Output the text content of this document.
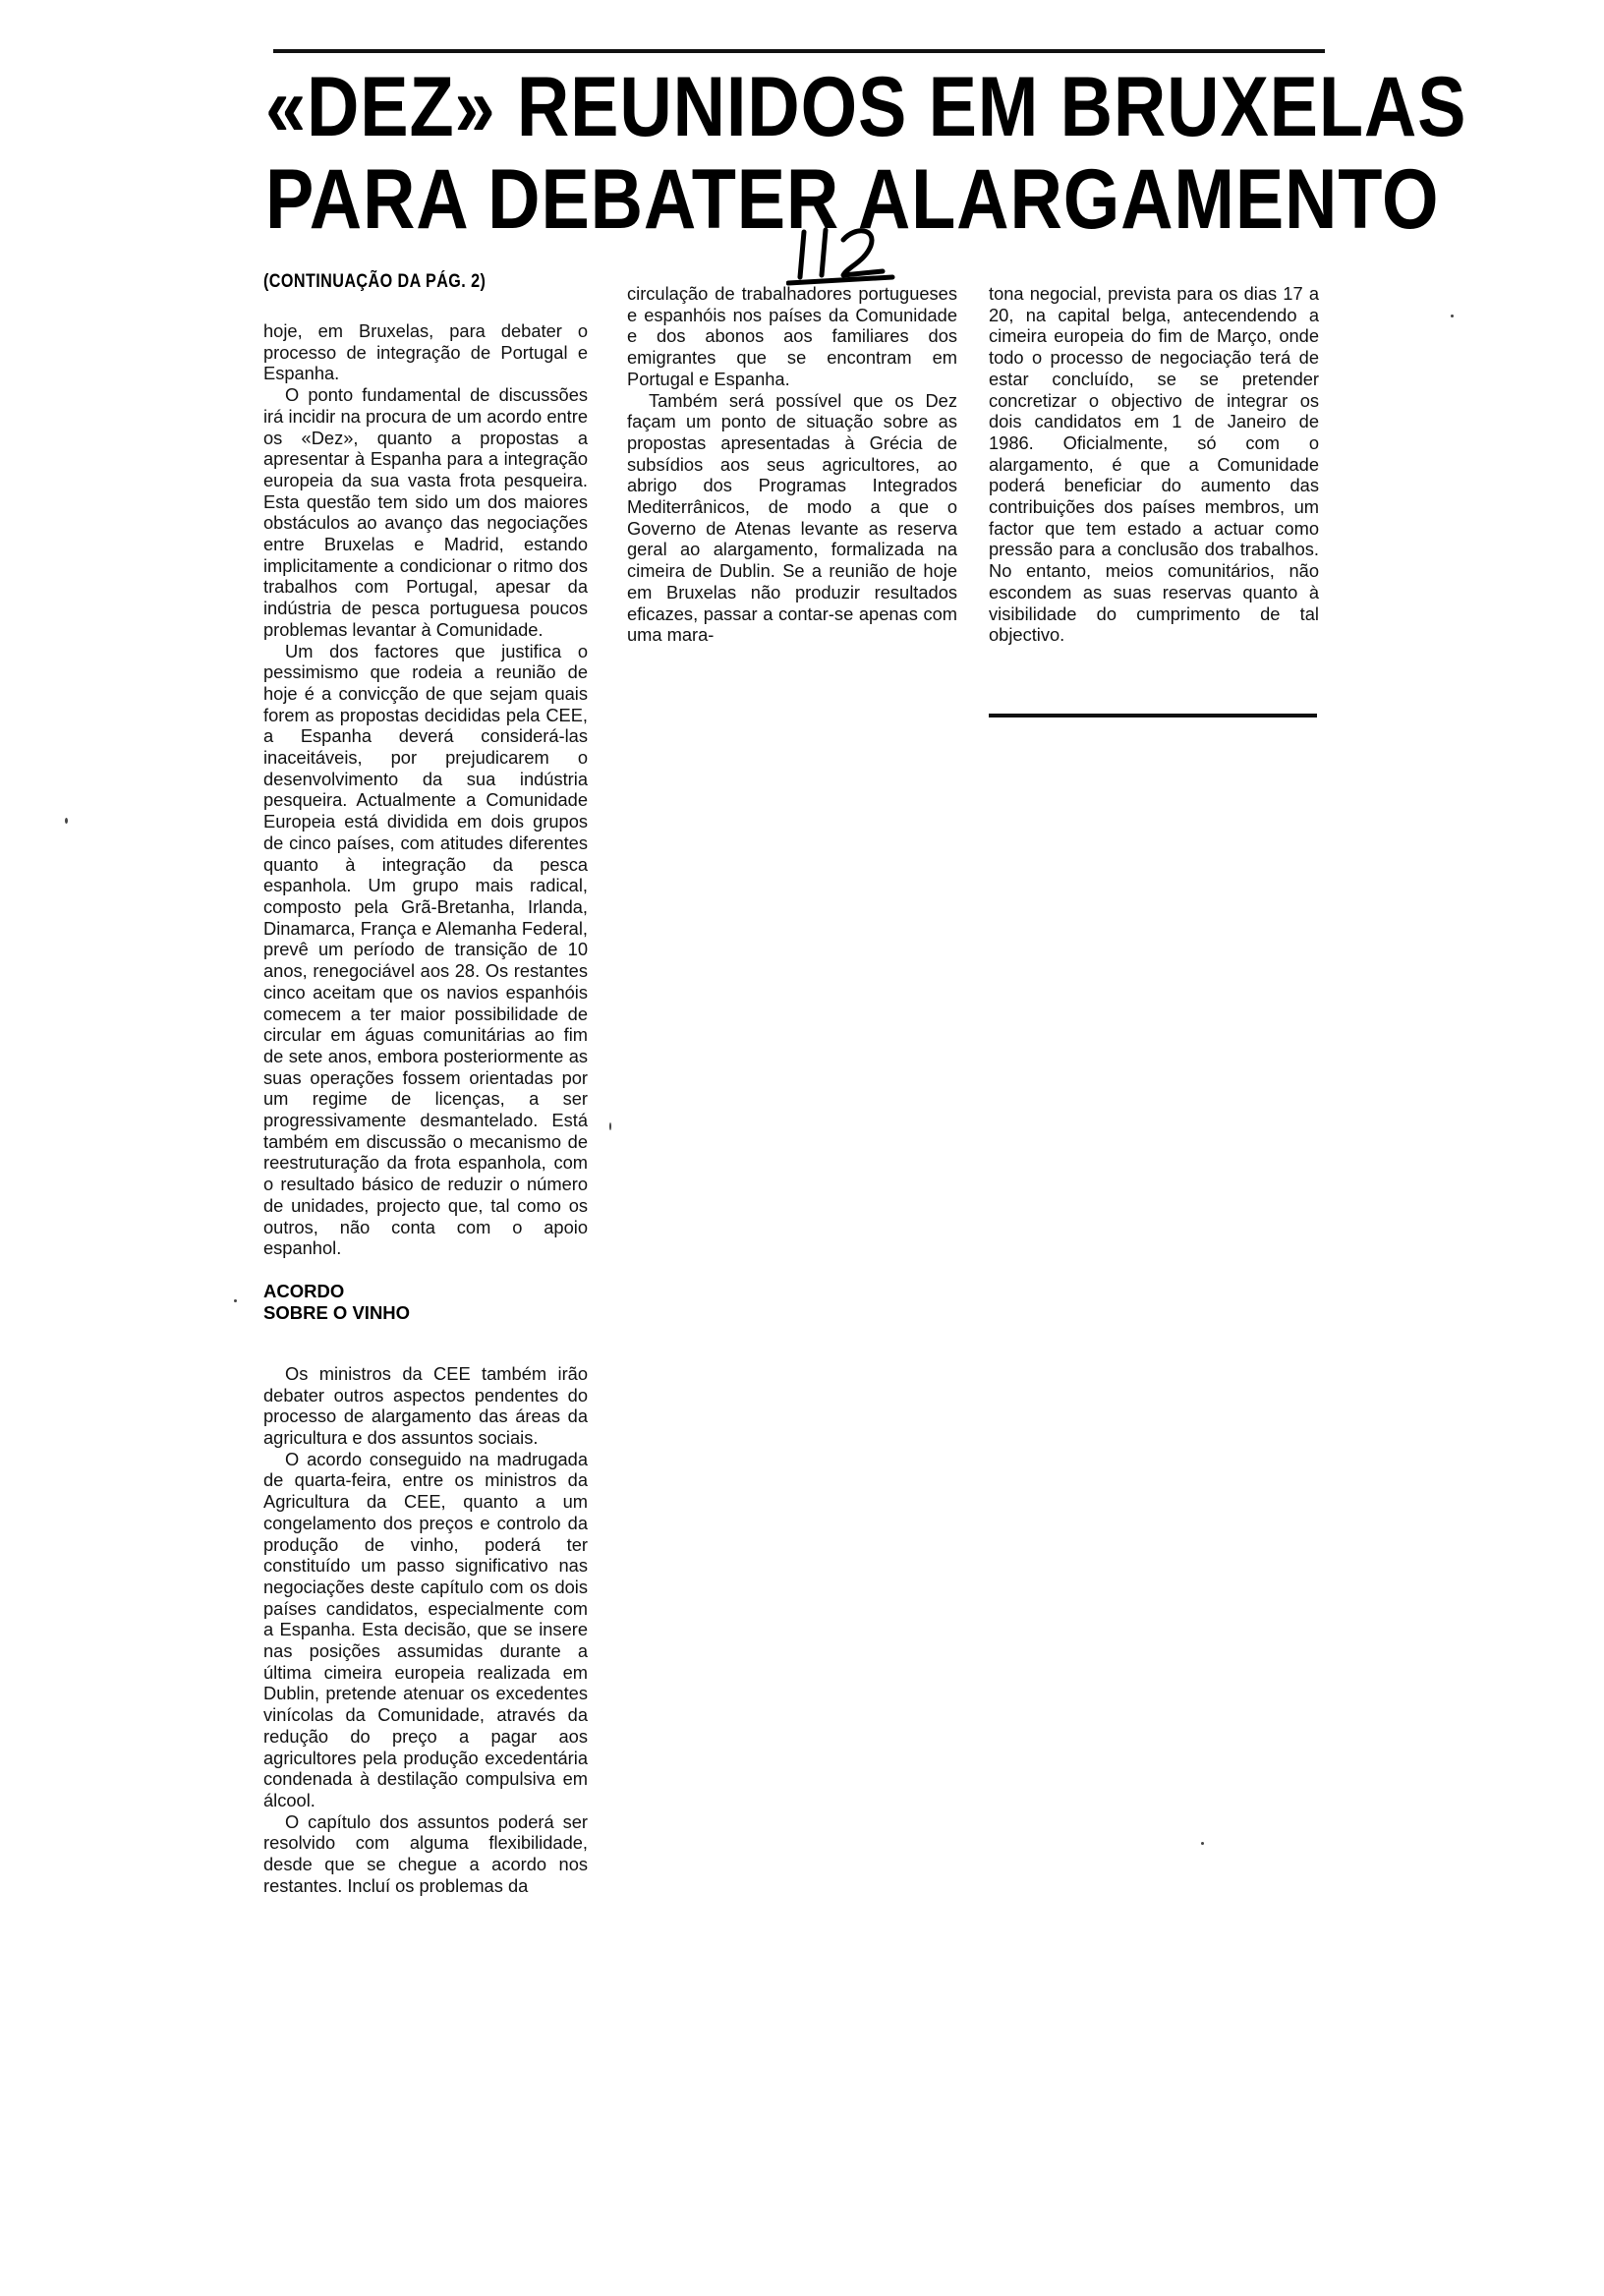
«DEZ» REUNIDOS EM BRUXELAS
PARA DEBATER ALARGAMENTO
(CONTINUAÇÃO DA PÁG. 2)

hoje, em Bruxelas, para debater o processo de integração de Portugal e Espanha.

O ponto fundamental de discussões irá incidir na procura de um acordo entre os «Dez», quanto a propostas a apresentar à Espanha para a integração europeia da sua vasta frota pesqueira. Esta questão tem sido um dos maiores obstáculos ao avanço das negociações entre Bruxelas e Madrid, estando implicitamente a condicionar o ritmo dos trabalhos com Portugal, apesar da indústria de pesca portuguesa poucos problemas levantar à Comunidade.

Um dos factores que justifica o pessimismo que rodeia a reunião de hoje é a convicção de que sejam quais forem as propostas decididas pela CEE, a Espanha deverá considerá-las inaceitáveis, por prejudicarem o desenvolvimento da sua indústria pesqueira. Actualmente a Comunidade Europeia está dividida em dois grupos de cinco países, com atitudes diferentes quanto à integração da pesca espanhola. Um grupo mais radical, composto pela Grã-Bretanha, Irlanda, Dinamarca, França e Alemanha Federal, prevê um período de transição de 10 anos, renegociável aos 28. Os restantes cinco aceitam que os navios espanhóis comecem a ter maior possibilidade de circular em águas comunitárias ao fim de sete anos, embora posteriormente as suas operações fossem orientadas por um regime de licenças, a ser progressivamente desmantelado. Está também em discussão o mecanismo de reestruturação da frota espanhola, com o resultado básico de reduzir o número de unidades, projecto que, tal como os outros, não conta com o apoio espanhol.

ACORDO
SOBRE O VINHO

Os ministros da CEE também irão debater outros aspectos pendentes do processo de alargamento das áreas da agricultura e dos assuntos sociais.

O acordo conseguido na madrugada de quarta-feira, entre os ministros da Agricultura da CEE, quanto a um congelamento dos preços e controlo da produção de vinho, poderá ter constituído um passo significativo nas negociações deste capítulo com os dois países candidatos, especialmente com a Espanha. Esta decisão, que se insere nas posições assumidas durante a última cimeira europeia realizada em Dublin, pretende atenuar os excedentes vinícolas da Comunidade, através da redução do preço a pagar aos agricultores pela produção excedentária condenada à destilação compulsiva em álcool.

O capítulo dos assuntos poderá ser resolvido com alguma flexibilidade, desde que se chegue a acordo nos restantes. Incluí os problemas da

circulação de trabalhadores portugueses e espanhóis nos países da Comunidade e dos abonos aos familiares dos emigrantes que se encontram em Portugal e Espanha.

Também será possível que os Dez façam um ponto de situação sobre as propostas apresentadas à Grécia de subsídios aos seus agricultores, ao abrigo dos Programas Integrados Mediterrânicos, de modo a que o Governo de Atenas levante as reserva geral ao alargamento, formalizada na cimeira de Dublin. Se a reunião de hoje em Bruxelas não produzir resultados eficazes, passar a contar-se apenas com uma mara-

tona negocial, prevista para os dias 17 a 20, na capital belga, antecendendo a cimeira europeia do fim de Março, onde todo o processo de negociação terá de estar concluído, se se pretender concretizar o objectivo de integrar os dois candidatos em 1 de Janeiro de 1986. Oficialmente, só com o alargamento, é que a Comunidade poderá beneficiar do aumento das contribuições dos países membros, um factor que tem estado a actuar como pressão para a conclusão dos trabalhos. No entanto, meios comunitários, não escondem as suas reservas quanto à visibilidade do cumprimento de tal objectivo.
